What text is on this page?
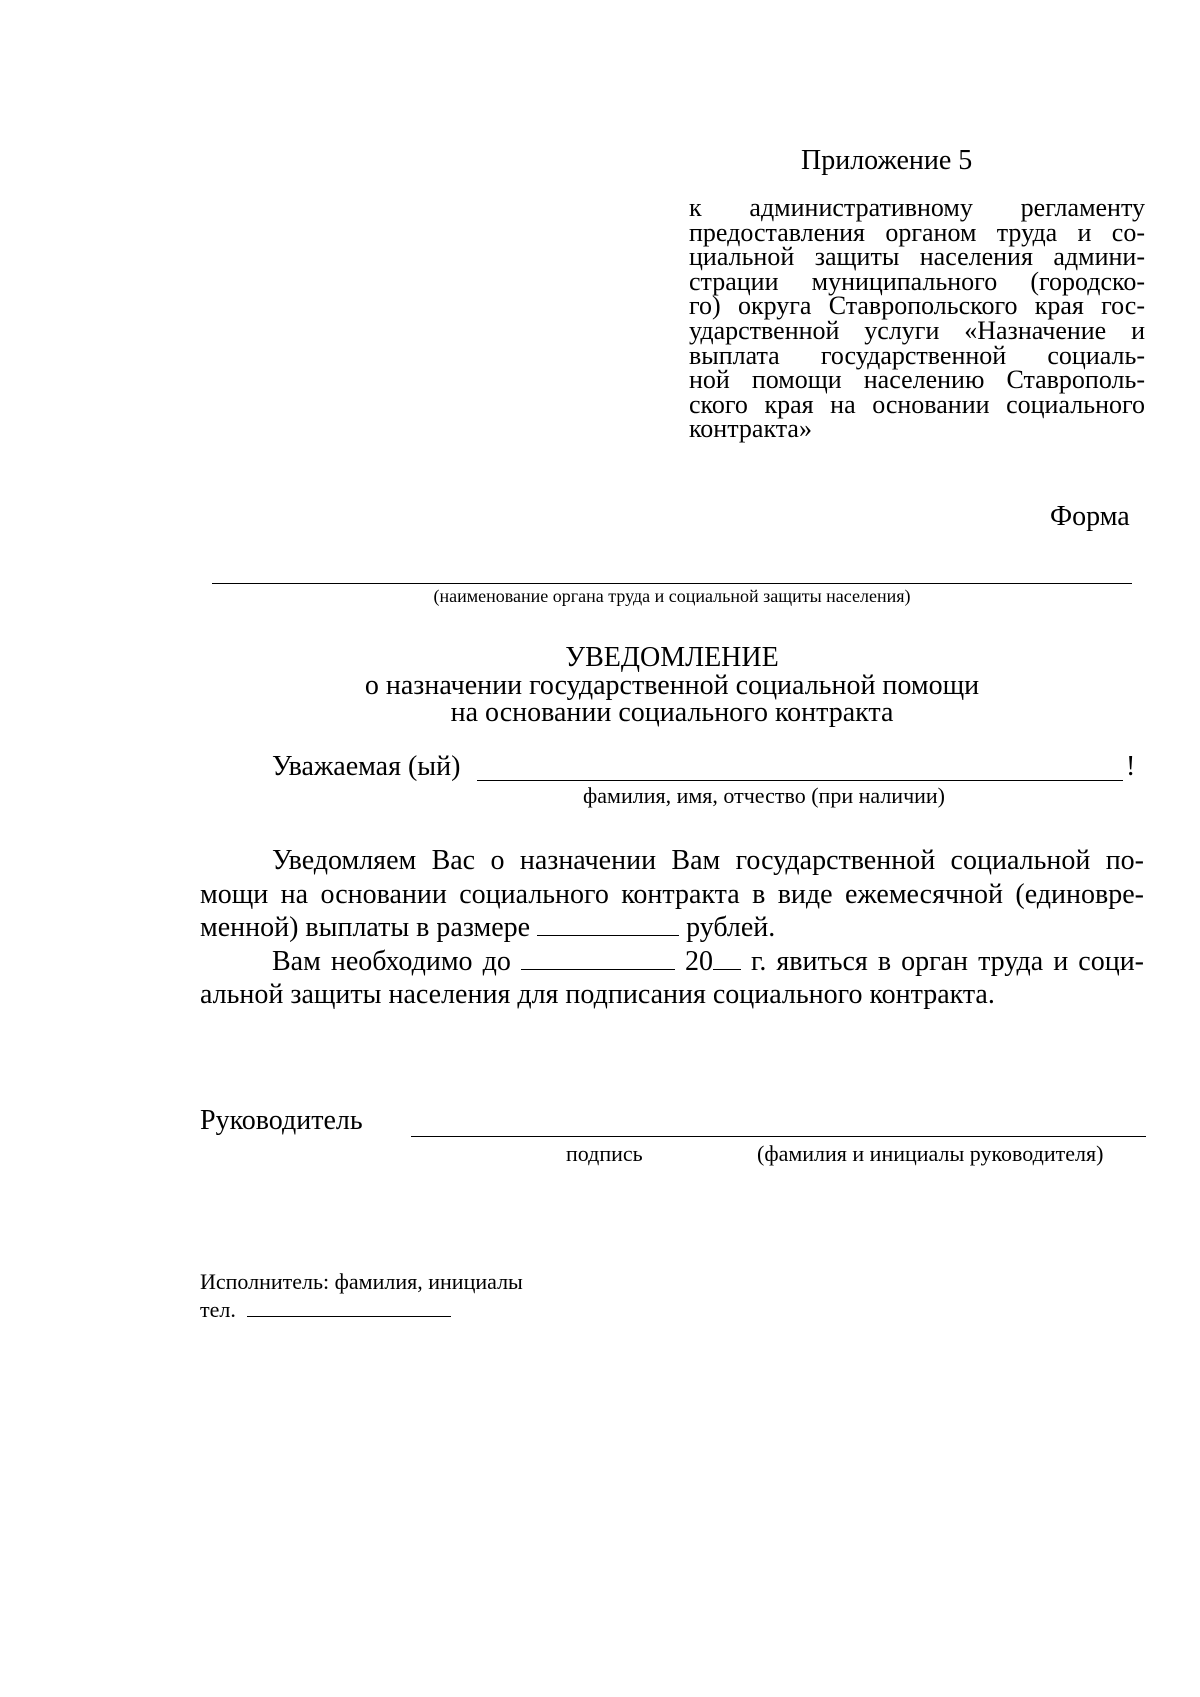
Приложение 5
к административному регламенту
предоставления органом труда и со-
циальной защиты населения админи-
страции муниципального (городско-
го) округа Ставропольского края гос-
ударственной услуги «Назначение и
выплата государственной социаль-
ной помощи населению Ставрополь-
ского края на основании социального
контракта»
Форма
(наименование органа труда и социальной защиты населения)
УВЕДОМЛЕНИЕ
о назначении государственной социальной помощи
на основании социального контракта
Уважаемая (ый)	!
фамилия, имя, отчество (при наличии)
Уведомляем Вас о назначении Вам государственной социальной по-
мощи на основании социального контракта в виде ежемесячной (единовре-
менной) выплаты в размере	рублей.
Вам необходимо до	20 г. явиться в орган труда и соци-
альной защиты населения для подписания социального контракта.
Руководитель
подпись	(фамилия и инициалы руководителя)
Исполнитель: фамилия, инициалы
тел.
